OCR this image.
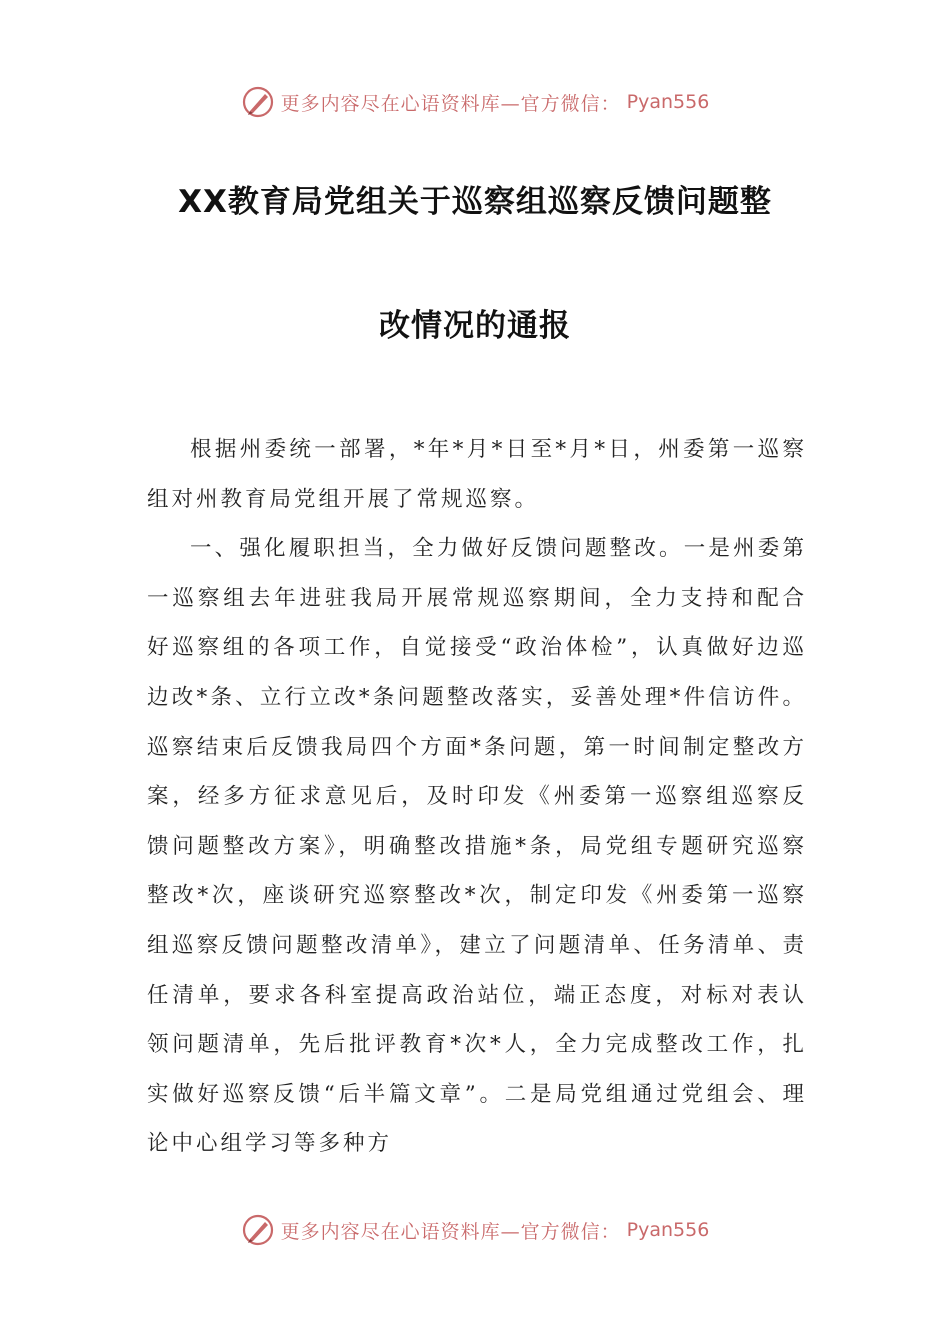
更多内容尽在心语资料库—官方微信： Pyan556
XX教育局党组关于巡察组巡察反馈问题整
改情况的通报

根据州委统一部署，*年*月*日至*月*日，州委第一巡察组对州教育局党组开展了常规巡察。

一、强化履职担当，全力做好反馈问题整改。一是州委第一巡察组去年进驻我局开展常规巡察期间，全力支持和配合好巡察组的各项工作，自觉接受“政治体检”，认真做好边巡边改*条、立行立改*条问题整改落实，妥善处理*件信访件。巡察结束后反馈我局四个方面*条问题，第一时间制定整改方案，经多方征求意见后，及时印发《州委第一巡察组巡察反馈问题整改方案》，明确整改措施*条，局党组专题研究巡察整改*次，座谈研究巡察整改*次，制定印发《州委第一巡察组巡察反馈问题整改清单》，建立了问题清单、任务清单、责任清单，要求各科室提高政治站位，端正态度，对标对表认领问题清单，先后批评教育*次*人，全力完成整改工作，扎实做好巡察反馈“后半篇文章”。二是局党组通过党组会、理论中心组学习等多种方

更多内容尽在心语资料库—官方微信： Pyan556
